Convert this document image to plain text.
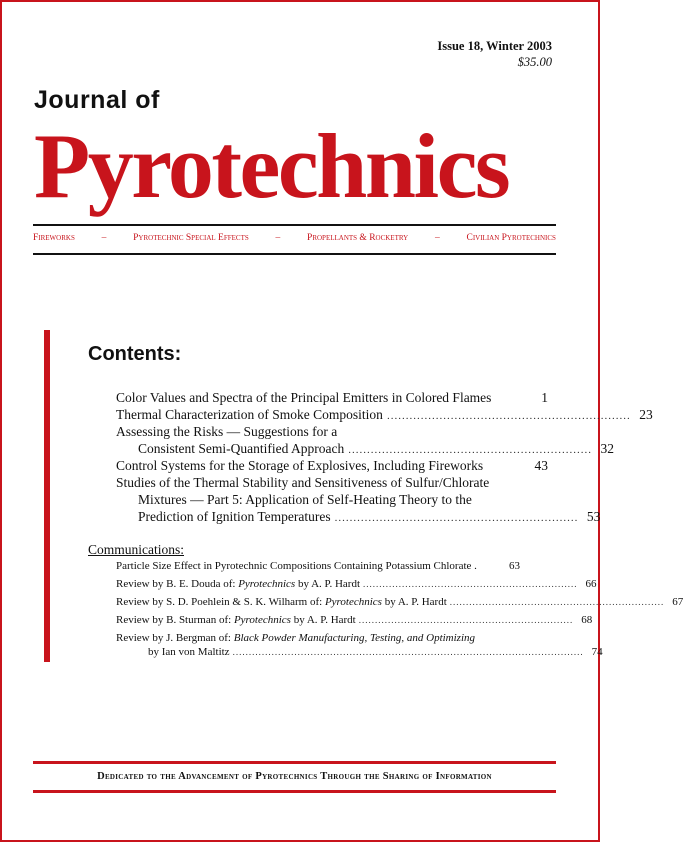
Issue 18, Winter 2003
$35.00
Journal of
Pyrotechnics
Fireworks	–	Pyrotechnic Special Effects	–	Propellants & Rocketry	–	Civilian Pyrotechnics
Contents:
Color Values and Spectra of the Principal Emitters in Colored Flames	1
Thermal Characterization of Smoke Composition ................................................................. 23
Assessing the Risks — Suggestions for a
Consistent Semi-Quantified Approach ................................................................. 32
Control Systems for the Storage of Explosives, Including Fireworks	43
Studies of the Thermal Stability and Sensitiveness of Sulfur/Chlorate
Mixtures — Part 5: Application of Self-Heating Theory to the
Prediction of Ignition Temperatures ................................................................. 53
Communications:
Particle Size Effect in Pyrotechnic Compositions Containing Potassium Chlorate .	63
Review by B. E. Douda of: Pyrotechnics by A. P. Hardt .................................................................. 66
Review by S. D. Poehlein & S. K. Wilharm of: Pyrotechnics by A. P. Hardt .................................................................. 67
Review by B. Sturman of: Pyrotechnics by A. P. Hardt .................................................................. 68
Review by J. Bergman of: Black Powder Manufacturing, Testing, and Optimizing
by Ian von Maltitz ............................................................................................................ 74
Dedicated to the Advancement of Pyrotechnics Through the Sharing of Information
